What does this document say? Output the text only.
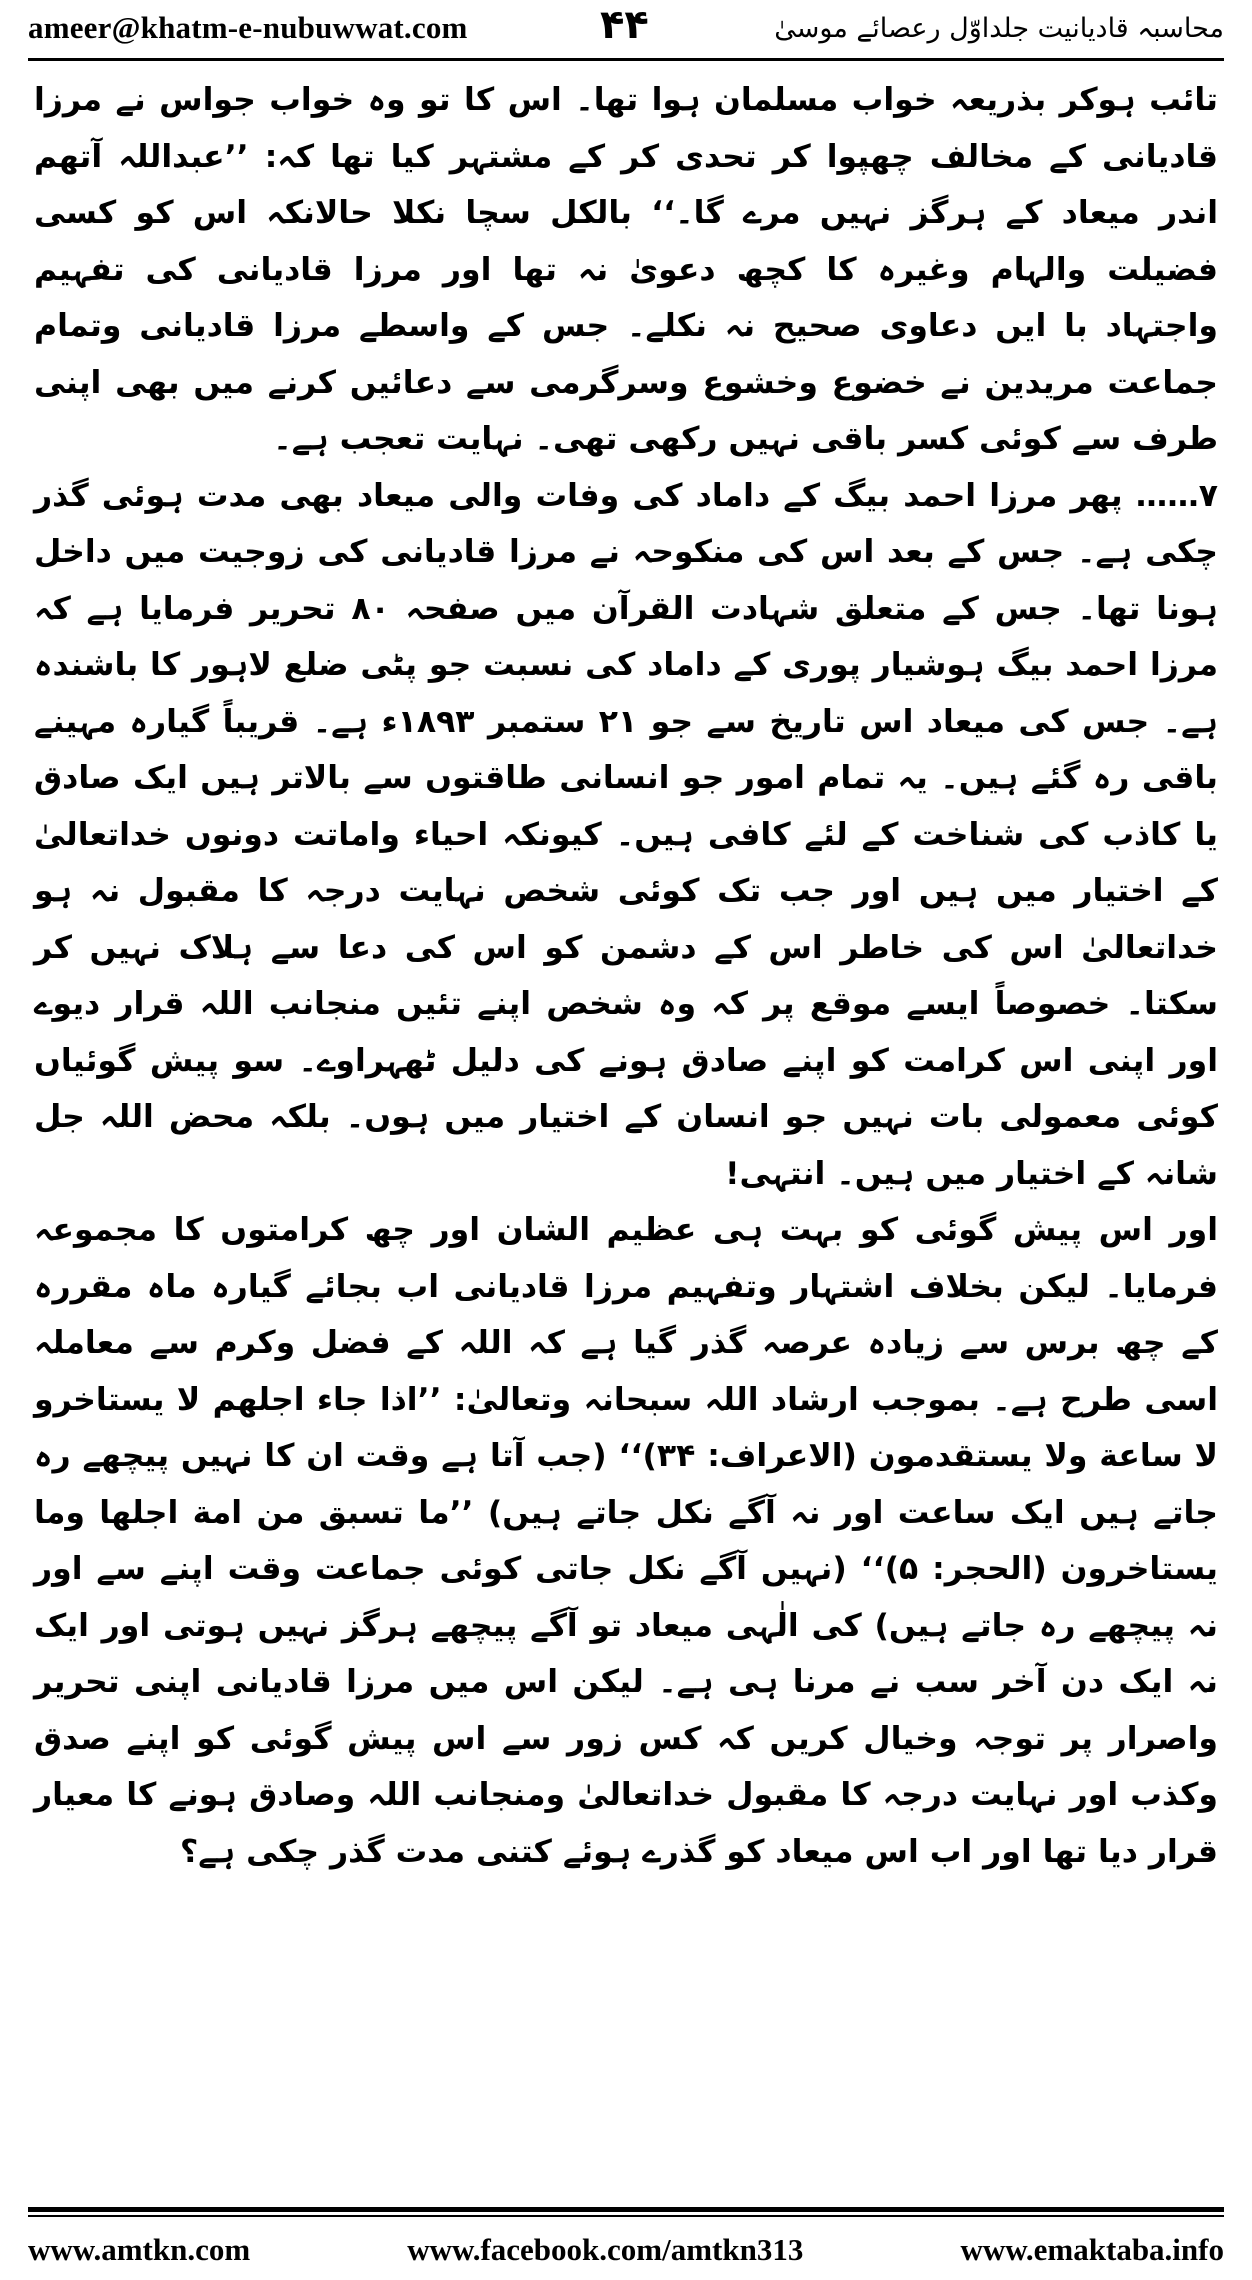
ameer@khatm-e-nubuwwat.com	محاسبہ قادیانیت جلداوّل رعصائے موسیٰ
۴۴

تائب ہوکر بذریعہ خواب مسلمان ہوا تھا۔ اس کا تو وہ خواب جواس نے مرزا قادیانی کے مخالف چھپوا کر تحدی کر کے مشتہر کیا تھا کہ: ’’عبداللہ آتھم اندر میعاد کے ہرگز نہیں مرے گا۔‘‘ بالکل سچا نکلا حالانکہ اس کو کسی فضیلت والہام وغیرہ کا کچھ دعویٰ نہ تھا اور مرزا قادیانی کی تفہیم واجتہاد با ایں دعاوی صحیح نہ نکلے۔ جس کے واسطے مرزا قادیانی وتمام جماعت مریدین نے خضوع وخشوع وسرگرمی سے دعائیں کرنے میں بھی اپنی طرف سے کوئی کسر باقی نہیں رکھی تھی۔ نہایت تعجب ہے۔

۷…… پھر مرزا احمد بیگ کے داماد کی وفات والی میعاد بھی مدت ہوئی گذر چکی ہے۔ جس کے بعد اس کی منکوحہ نے مرزا قادیانی کی زوجیت میں داخل ہونا تھا۔ جس کے متعلق شہادت القرآن میں صفحہ ۸۰ تحریر فرمایا ہے کہ مرزا احمد بیگ ہوشیار پوری کے داماد کی نسبت جو پٹی ضلع لاہور کا باشندہ ہے۔ جس کی میعاد اس تاریخ سے جو ۲۱ ستمبر ۱۸۹۳ء ہے۔ قریباً گیارہ مہینے باقی رہ گئے ہیں۔ یہ تمام امور جو انسانی طاقتوں سے بالاتر ہیں ایک صادق یا کاذب کی شناخت کے لئے کافی ہیں۔ کیونکہ احیاء واماتت دونوں خداتعالیٰ کے اختیار میں ہیں اور جب تک کوئی شخص نہایت درجہ کا مقبول نہ ہو خداتعالیٰ اس کی خاطر اس کے دشمن کو اس کی دعا سے ہلاک نہیں کر سکتا۔ خصوصاً ایسے موقع پر کہ وہ شخص اپنے تئیں منجانب اللہ قرار دیوے اور اپنی اس کرامت کو اپنے صادق ہونے کی دلیل ٹھہراوے۔ سو پیش گوئیاں کوئی معمولی بات نہیں جو انسان کے اختیار میں ہوں۔ بلکہ محض اللہ جل شانہ کے اختیار میں ہیں۔ انتہی!

اور اس پیش گوئی کو بہت ہی عظیم الشان اور چھ کرامتوں کا مجموعہ فرمایا۔ لیکن بخلاف اشتہار وتفہیم مرزا قادیانی اب بجائے گیارہ ماہ مقررہ کے چھ برس سے زیادہ عرصہ گذر گیا ہے کہ اللہ کے فضل وکرم سے معاملہ اسی طرح ہے۔ بموجب ارشاد اللہ سبحانہ وتعالیٰ: ’’اذا جاء اجلهم لا يستاخرو لا ساعة ولا يستقدمون (الاعراف: ۳۴)‘‘ (جب آتا ہے وقت ان کا نہیں پیچھے رہ جاتے ہیں ایک ساعت اور نہ آگے نکل جاتے ہیں) ’’ما تسبق من امة اجلها وما يستاخرون (الحجر: ۵)‘‘ (نہیں آگے نکل جاتی کوئی جماعت وقت اپنے سے اور نہ پیچھے رہ جاتے ہیں) کی الٰہی میعاد تو آگے پیچھے ہرگز نہیں ہوتی اور ایک نہ ایک دن آخر سب نے مرنا ہی ہے۔ لیکن اس میں مرزا قادیانی اپنی تحریر واصرار پر توجہ وخیال کریں کہ کس زور سے اس پیش گوئی کو اپنے صدق وکذب اور نہایت درجہ کا مقبول خداتعالیٰ ومنجانب اللہ وصادق ہونے کا معیار قرار دیا تھا اور اب اس میعاد کو گذرے ہوئے کتنی مدت گذر چکی ہے؟

www.amtkn.com	www.facebook.com/amtkn313	www.emaktaba.info
